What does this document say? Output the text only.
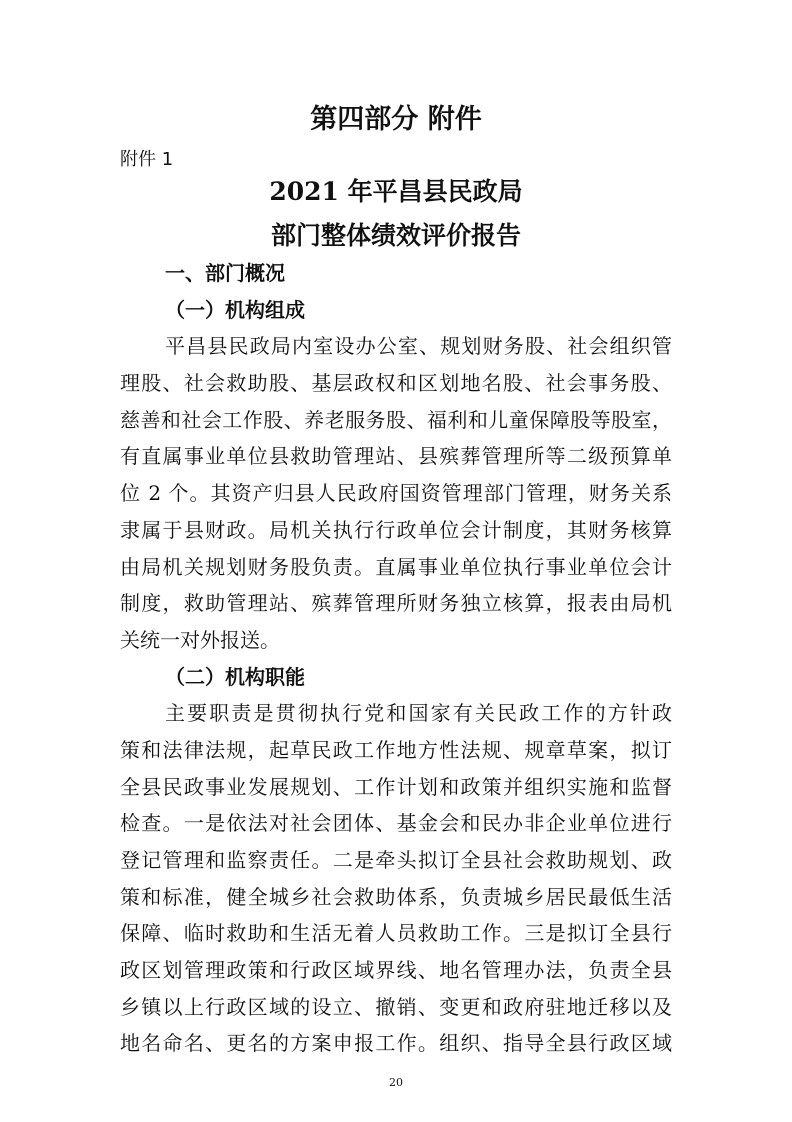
第四部分 附件
附件 1
2021 年平昌县民政局
部门整体绩效评价报告
一、部门概况
（一）机构组成
平昌县民政局内室设办公室、规划财务股、社会组织管
理股、社会救助股、基层政权和区划地名股、社会事务股、
慈善和社会工作股、养老服务股、福利和儿童保障股等股室，
有直属事业单位县救助管理站、县殡葬管理所等二级预算单
位 2 个。其资产归县人民政府国资管理部门管理，财务关系
隶属于县财政。局机关执行行政单位会计制度，其财务核算
由局机关规划财务股负责。直属事业单位执行事业单位会计
制度，救助管理站、殡葬管理所财务独立核算，报表由局机
关统一对外报送。
（二）机构职能
主要职责是贯彻执行党和国家有关民政工作的方针政
策和法律法规，起草民政工作地方性法规、规章草案，拟订
全县民政事业发展规划、工作计划和政策并组织实施和监督
检查。一是依法对社会团体、基金会和民办非企业单位进行
登记管理和监察责任。二是牵头拟订全县社会救助规划、政
策和标准，健全城乡社会救助体系，负责城乡居民最低生活
保障、临时救助和生活无着人员救助工作。三是拟订全县行
政区划管理政策和行政区域界线、地名管理办法，负责全县
乡镇以上行政区域的设立、撤销、变更和政府驻地迁移以及
地名命名、更名的方案申报工作。组织、指导全县行政区域
20
